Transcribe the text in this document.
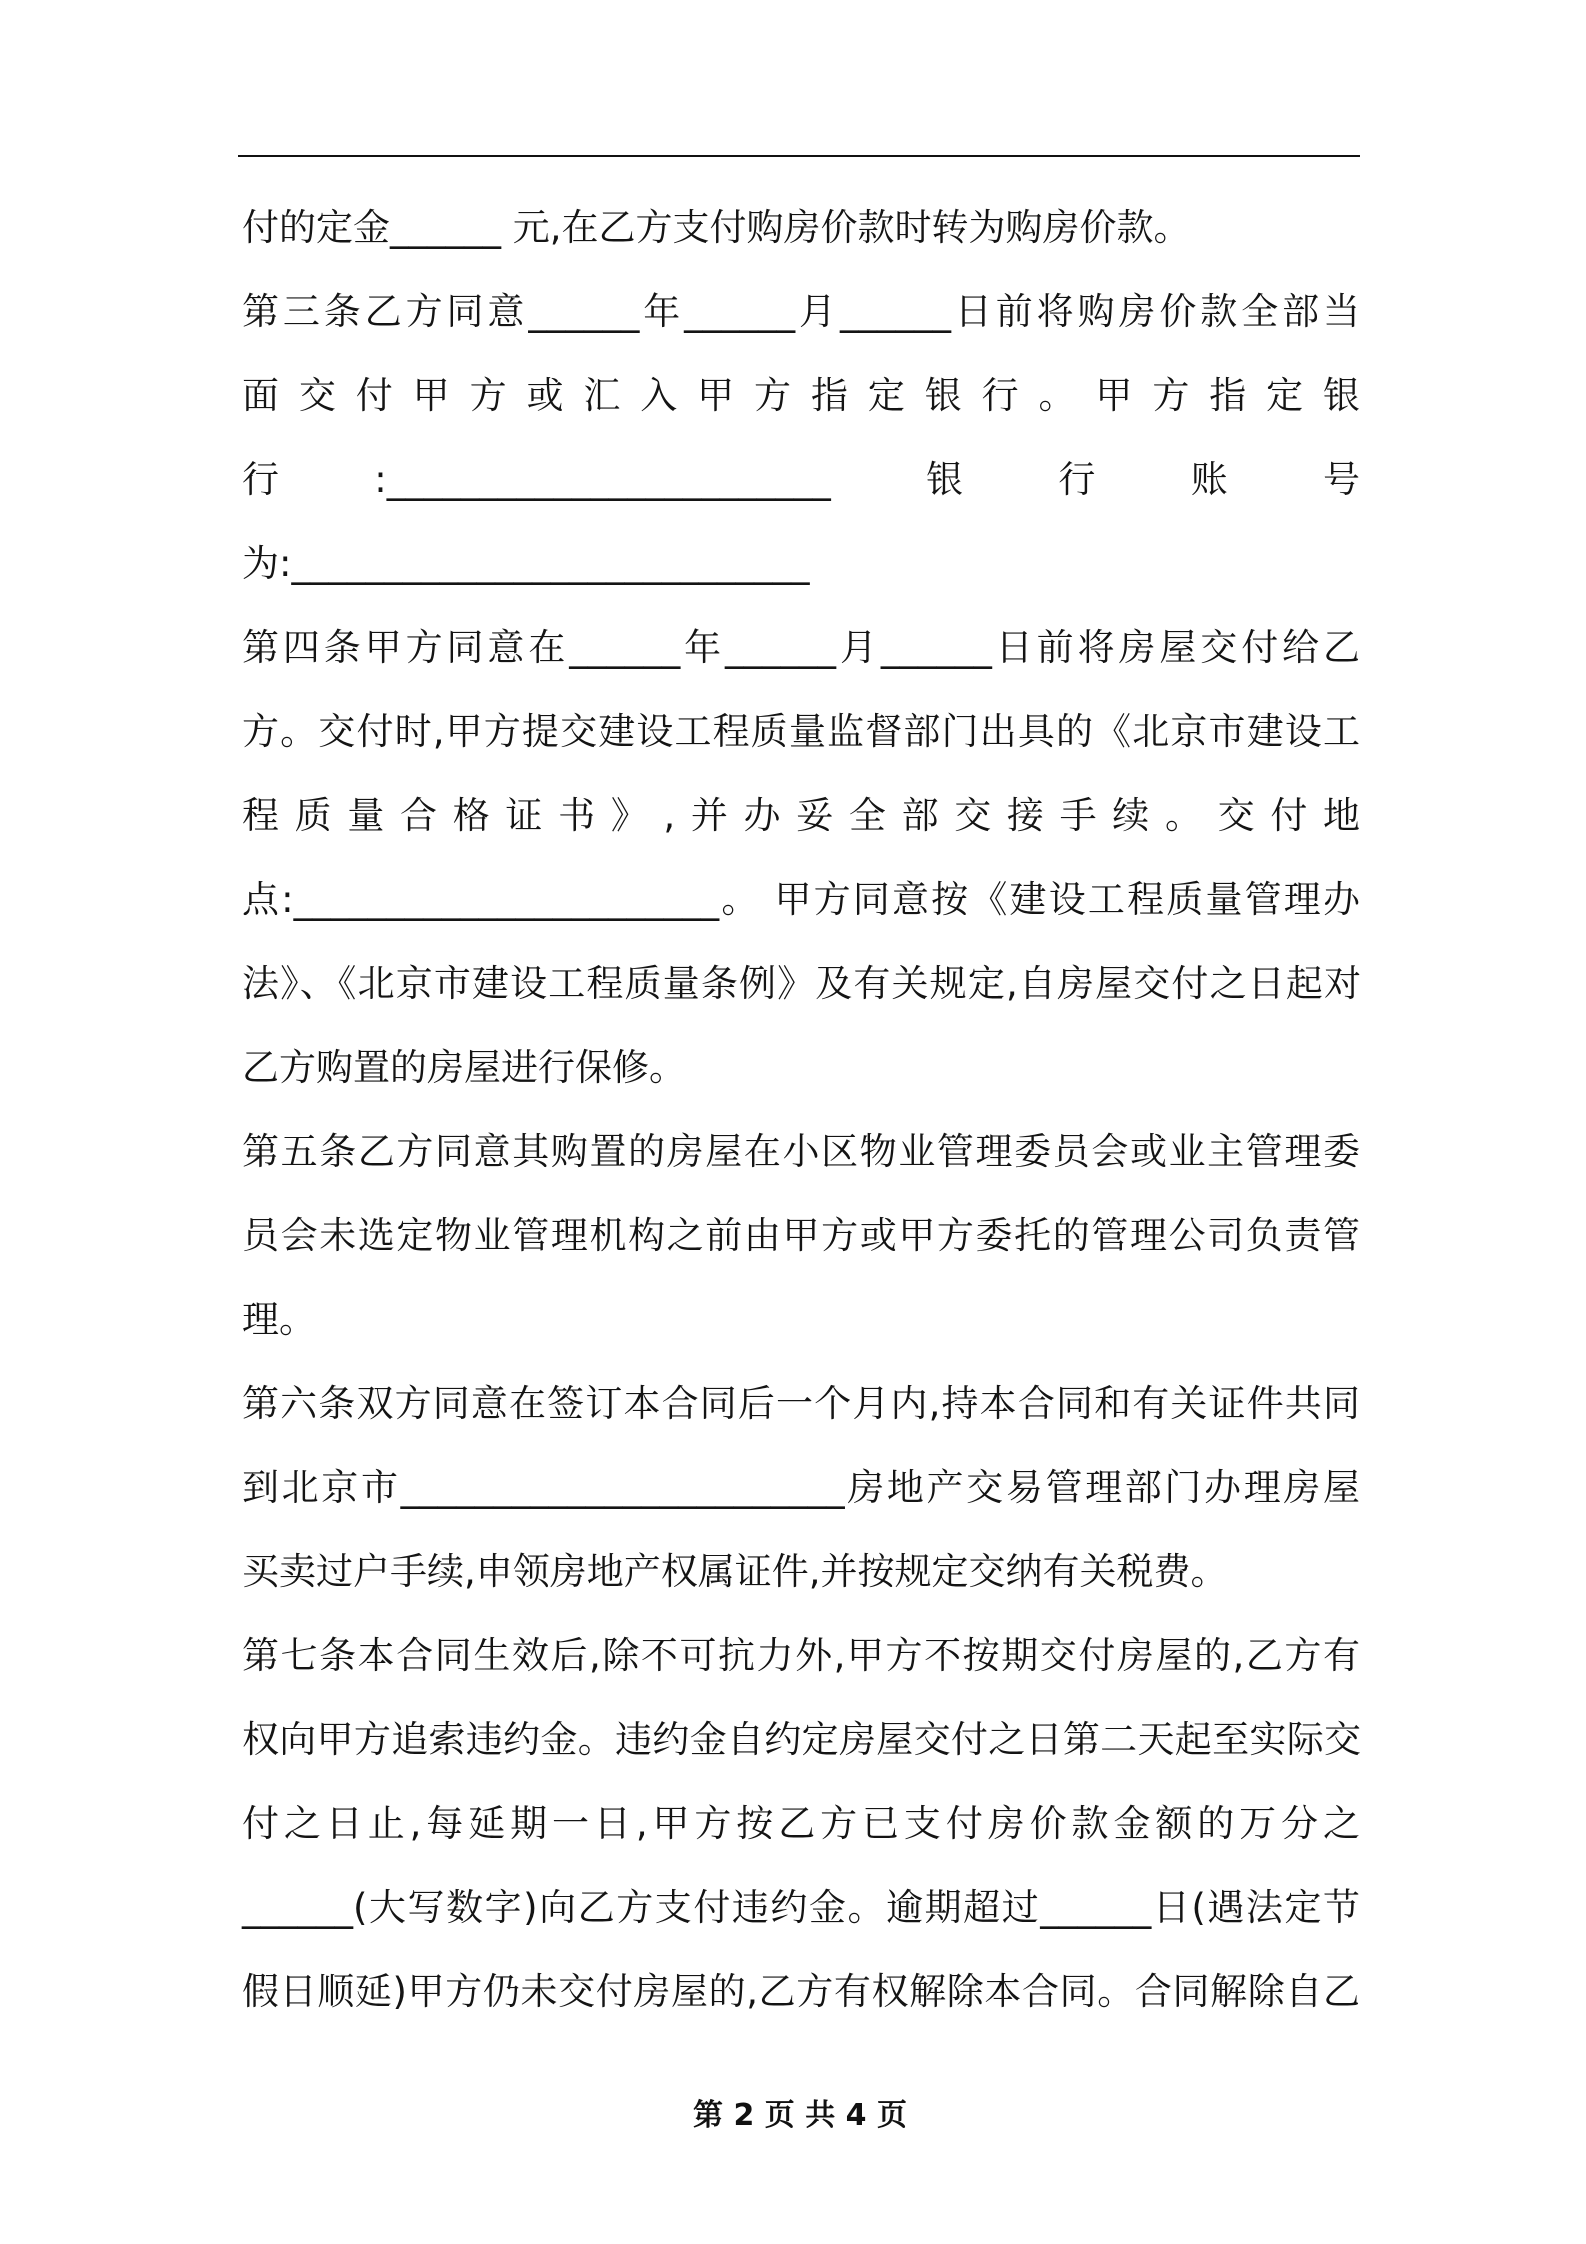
付的定金______ 元,在乙方支付购房价款时转为购房价款。
第三条乙方同意______年______月______日前将购房价款全部当
面交付甲方或汇入甲方指定银行。甲方指定银
行:________________________银行账号
为:____________________________
第四条甲方同意在______年______月______日前将房屋交付给乙
方。交付时,甲方提交建设工程质量监督部门出具的《北京市建设工
程质量合格证书》,并办妥全部交接手续。交付地
点:_______________________。 甲方同意按《建设工程质量管理办
法》、《北京市建设工程质量条例》及有关规定,自房屋交付之日起对
乙方购置的房屋进行保修。
第五条乙方同意其购置的房屋在小区物业管理委员会或业主管理委
员会未选定物业管理机构之前由甲方或甲方委托的管理公司负责管
理。
第六条双方同意在签订本合同后一个月内,持本合同和有关证件共同
到北京市________________________房地产交易管理部门办理房屋
买卖过户手续,申领房地产权属证件,并按规定交纳有关税费。
第七条本合同生效后,除不可抗力外,甲方不按期交付房屋的,乙方有
权向甲方追索违约金。违约金自约定房屋交付之日第二天起至实际交
付之日止,每延期一日,甲方按乙方已支付房价款金额的万分之
______(大写数字)向乙方支付违约金。逾期超过______日(遇法定节
假日顺延)甲方仍未交付房屋的,乙方有权解除本合同。合同解除自乙
第 2 页 共 4 页
